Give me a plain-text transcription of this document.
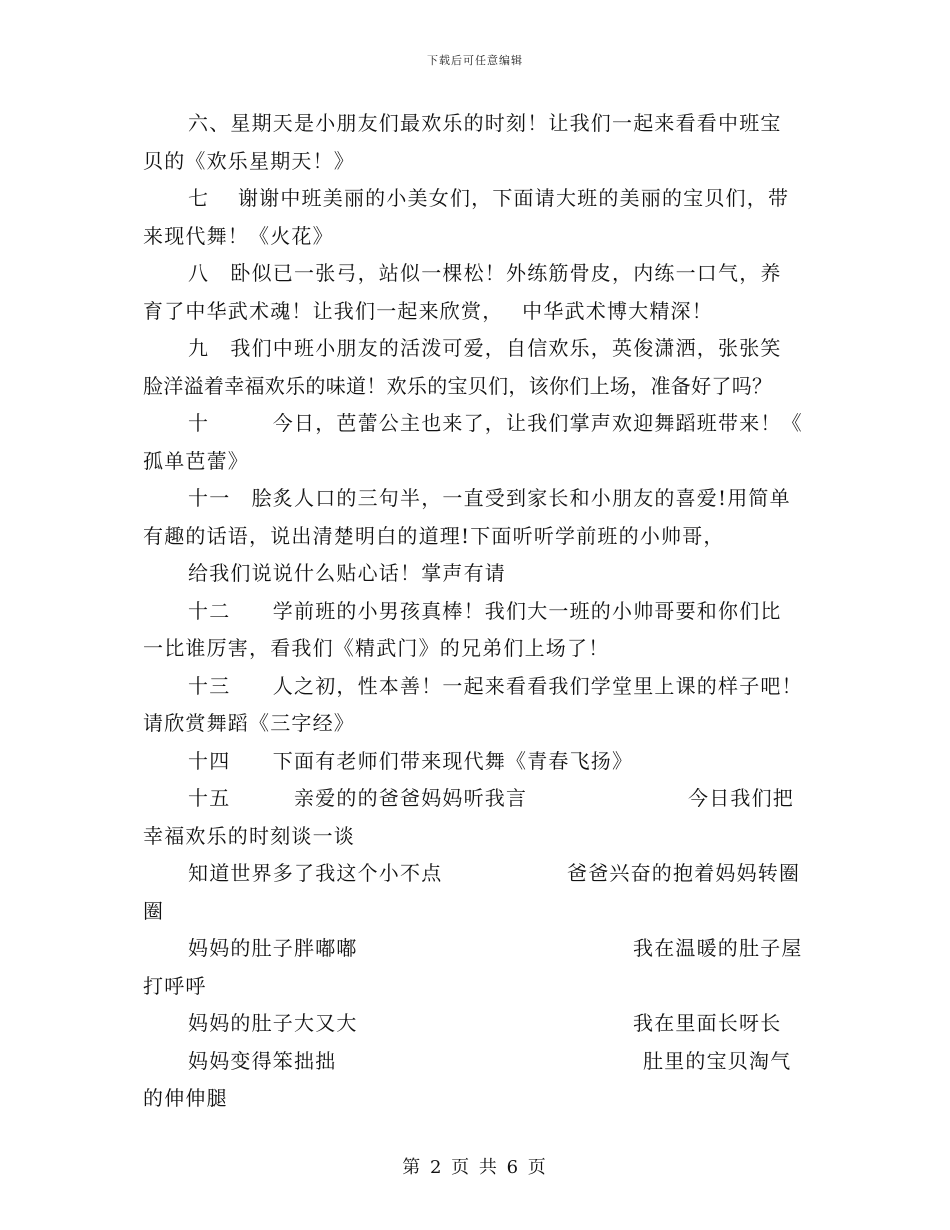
下载后可任意编辑
六、星期天是小朋友们最欢乐的时刻！让我们一起来看看中班宝
贝的《欢乐星期天！》
七　 谢谢中班美丽的小美女们，下面请大班的美丽的宝贝们，带
来现代舞！《火花》
八　卧似已一张弓，站似一棵松！外练筋骨皮，内练一口气，养
育了中华武术魂！让我们一起来欣赏，　 中华武术博大精深！
九　我们中班小朋友的活泼可爱，自信欢乐，英俊潇洒，张张笑
脸洋溢着幸福欢乐的味道！欢乐的宝贝们，该你们上场，准备好了吗？
十　　　今日，芭蕾公主也来了，让我们掌声欢迎舞蹈班带来！《
孤单芭蕾》
十一　脍炙人口的三句半，一直受到家长和小朋友的喜爱!用简单
有趣的话语，说出清楚明白的道理!下面听听学前班的小帅哥，
给我们说说什么贴心话！掌声有请
十二　　学前班的小男孩真棒！我们大一班的小帅哥要和你们比
一比谁厉害，看我们《精武门》的兄弟们上场了！
十三　　人之初，性本善！一起来看看我们学堂里上课的样子吧！
请欣赏舞蹈《三字经》
十四　　下面有老师们带来现代舞《青春飞扬》
十五　　　亲爱的的爸爸妈妈听我言	今日我们把
幸福欢乐的时刻谈一谈
知道世界多了我这个小不点	爸爸兴奋的抱着妈妈转圈
圈
妈妈的肚子胖嘟嘟	我在温暖的肚子屋
打呼呼
妈妈的肚子大又大	我在里面长呀长
妈妈变得笨拙拙	肚里的宝贝淘气
的伸伸腿
第 2 页 共 6 页
